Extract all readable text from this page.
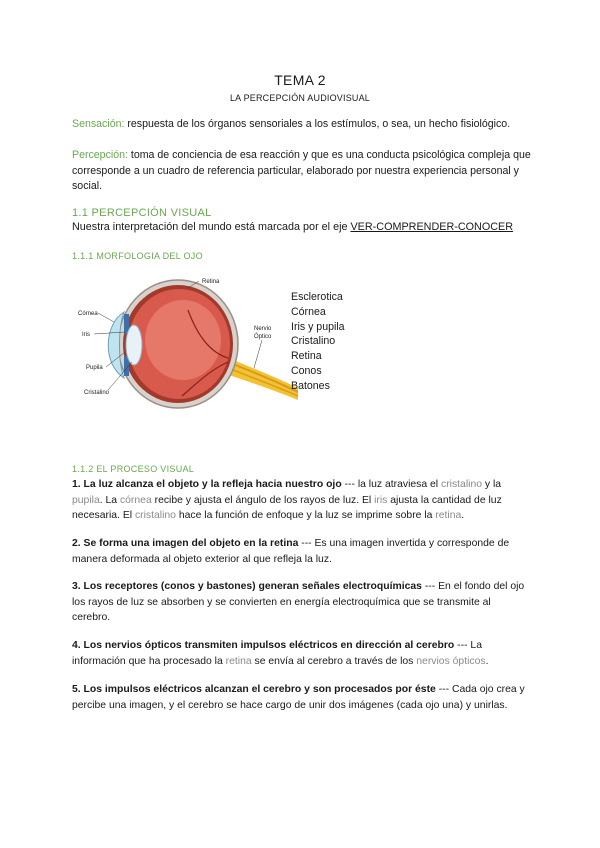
TEMA 2
LA PERCEPCIÓN AUDIOVISUAL
Sensación: respuesta de los órganos sensoriales a los estímulos, o sea, un hecho fisiológico.
Percepción: toma de conciencia de esa reacción y que es una conducta psicológica compleja que corresponde a un cuadro de referencia particular, elaborado por nuestra experiencia personal y social.
1.1 PERCEPCIÓN VISUAL
Nuestra interpretación del mundo está marcada por el eje VER-COMPRENDER-CONOCER
1.1.1 MORFOLOGIA DEL OJO
Retina
Córnea
Iris
Pupila
Cristalino
Nervio
Óptico
Esclerotica
Córnea
Iris y pupila
Cristalino
Retina
Conos
Batones
1.1.2 EL PROCESO VISUAL
1. La luz alcanza el objeto y la refleja hacia nuestro ojo --- la luz atraviesa el cristalino y la pupila. La córnea recibe y ajusta el ángulo de los rayos de luz. El iris ajusta la cantidad de luz necesaria. El cristalino hace la función de enfoque y la luz se imprime sobre la retina.
2. Se forma una imagen del objeto en la retina --- Es una imagen invertida y corresponde de manera deformada al objeto exterior al que refleja la luz.
3. Los receptores (conos y bastones) generan señales electroquímicas --- En el fondo del ojo los rayos de luz se absorben y se convierten en energía electroquímica que se transmite al cerebro.
4. Los nervios ópticos transmiten impulsos eléctricos en dirección al cerebro --- La información que ha procesado la retina se envía al cerebro a través de los nervios ópticos.
5. Los impulsos eléctricos alcanzan el cerebro y son procesados por éste --- Cada ojo crea y percibe una imagen, y el cerebro se hace cargo de unir dos imágenes (cada ojo una) y unirlas.
